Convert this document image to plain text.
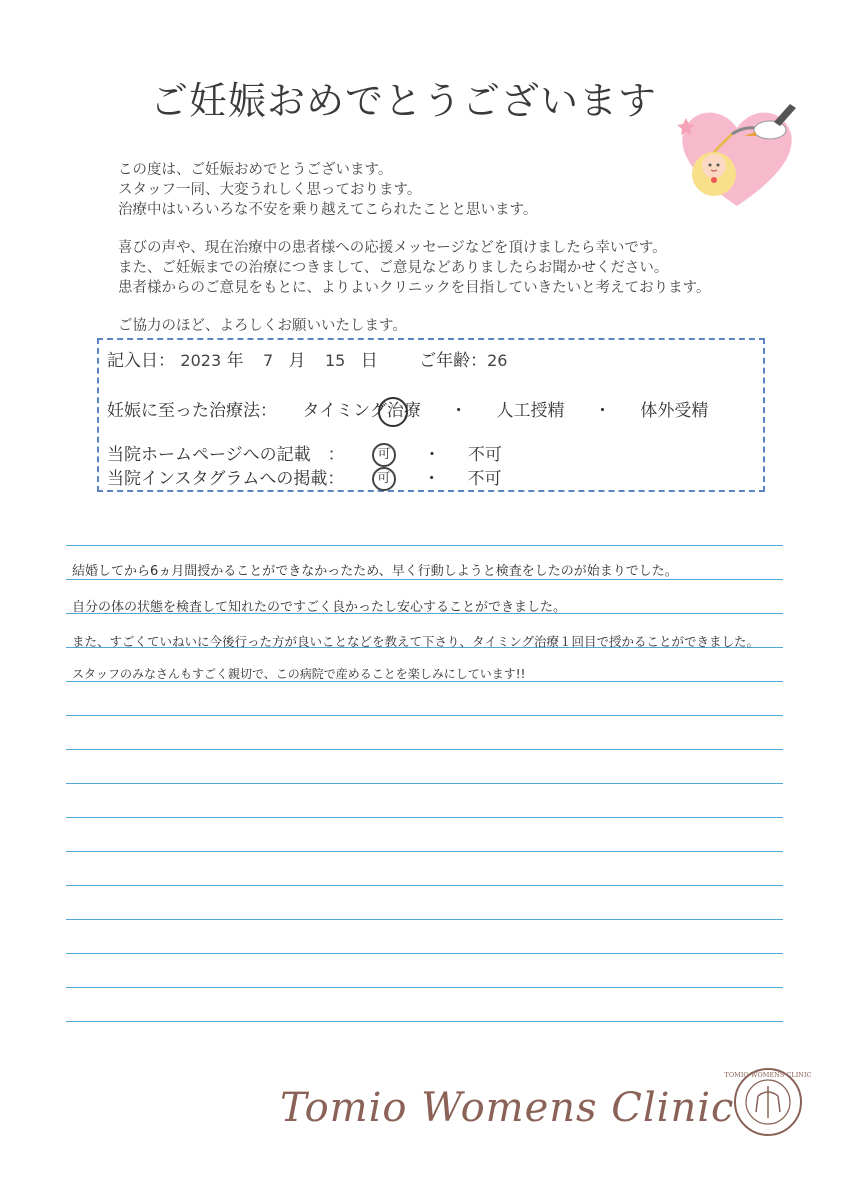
ご妊娠おめでとうございます

この度は、ご妊娠おめでとうございます。
スタッフ一同、大変うれしく思っております。
治療中はいろいろな不安を乗り越えてこられたことと思います。

喜びの声や、現在治療中の患者様への応援メッセージなどを頂けましたら幸いです。
また、ご妊娠までの治療につきまして、ご意見などありましたらお聞かせください。
患者様からのご意見をもとに、よりよいクリニックを目指していきたいと考えております。

ご協力のほど、よろしくお願いいたします。

記入日： 2023 年 7 月 15 日 ご年齢：26
妊娠に至った治療法： タイミング治療 ・ 人工授精 ・ 体外受精
当院ホームページへの記載　：	可 ・ 不可
当院インスタグラムへの掲載：	可 ・ 不可
結婚してから6ヵ月間授かることができなかったため、早く行動しようと検査をしたのが始まりでした。
自分の体の状態を検査して知れたのですごく良かったし安心することができました。
また、すごくていねいに今後行った方が良いことなどを教えて下さり、タイミング治療１回目で授かることができました。
スタッフのみなさんもすごく親切で、この病院で産めることを楽しみにしています!!
Tomio Womens Clinic
TOMIO WOMENS CLINIC
